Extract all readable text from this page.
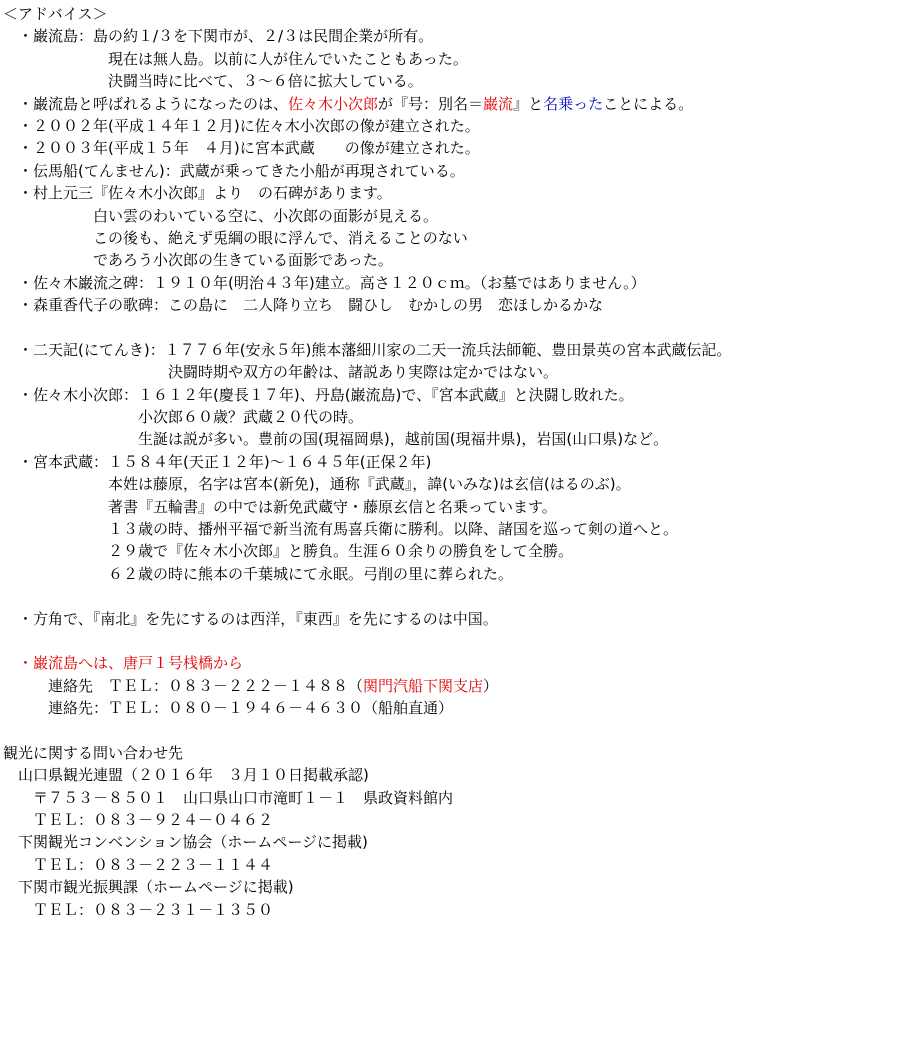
＜アドバイス＞
　・巌流島：島の約１/３を下関市が、２/３は民間企業が所有。
　　　　　　　現在は無人島。以前に人が住んでいたこともあった。
　　　　　　　決闘当時に比べて、３～６倍に拡大している。
　・巌流島と呼ばれるようになったのは、佐々木小次郎が『号：別名＝巌流』と名乗ったことによる。
　・２００２年(平成１４年１２月)に佐々木小次郎の像が建立された。
　・２００３年(平成１５年　４月)に宮本武蔵　　の像が建立された。
　・伝馬船(てんません)：武蔵が乗ってきた小船が再現されている。
　・村上元三『佐々木小次郎』より　の石碑があります。
　　　　　　白い雲のわいている空に、小次郎の面影が見える。
　　　　　　この後も、絶えず兎綱の眼に浮んで、消えることのない
　　　　　　であろう小次郎の生きている面影であった。
　・佐々木巌流之碑：１９１０年(明治４３年)建立。高さ１２０ｃｍ。（お墓ではありません。）
　・森重香代子の歌碑：この島に　二人降り立ち　闘ひし　むかしの男　恋ほしかるかな
　・二天記(にてんき)：１７７６年(安永５年)熊本藩細川家の二天一流兵法師範、豊田景英の宮本武蔵伝記。
　　　　　　　　　　　決闘時期や双方の年齢は、諸説あり実際は定かではない。
　・佐々木小次郎：１６１２年(慶長１７年)、丹島(巌流島)で、『宮本武蔵』と決闘し敗れた。
　　　　　　　　　小次郎６０歳？武蔵２０代の時。
　　　　　　　　　生誕は説が多い。豊前の国(現福岡県)，越前国(現福井県)，岩国(山口県)など。
　・宮本武蔵：１５８４年(天正１２年)～１６４５年(正保２年)
　　　　　　　本姓は藤原，名字は宮本(新免)，通称『武蔵』，諱(いみな)は玄信(はるのぶ)。
　　　　　　　著書『五輪書』の中では新免武蔵守・藤原玄信と名乗っています。
　　　　　　　１３歳の時、播州平福で新当流有馬喜兵衛に勝利。以降、諸国を巡って剣の道へと。
　　　　　　　２９歳で『佐々木小次郎』と勝負。生涯６０余りの勝負をして全勝。
　　　　　　　６２歳の時に熊本の千葉城にて永眠。弓削の里に葬られた。
　・方角で、『南北』を先にするのは西洋，『東西』を先にするのは中国。
　・巌流島へは、唐戸１号桟橋から
　　　連絡先　ＴＥＬ：０８３－２２２－１４８８（関門汽船下関支店）
　　　連絡先：ＴＥＬ：０８０－１９４６－４６３０（船舶直通）
観光に関する問い合わせ先
　山口県観光連盟（２０１６年　３月１０日掲載承認)
　　〒７５３－８５０１　山口県山口市滝町１－１　県政資料館内
　　ＴＥＬ：０８３－９２４－０４６２
　下関観光コンベンション協会（ホームページに掲載)
　　ＴＥＬ：０８３－２２３－１１４４
　下関市観光振興課（ホームページに掲載)
　　ＴＥＬ：０８３－２３１－１３５０
